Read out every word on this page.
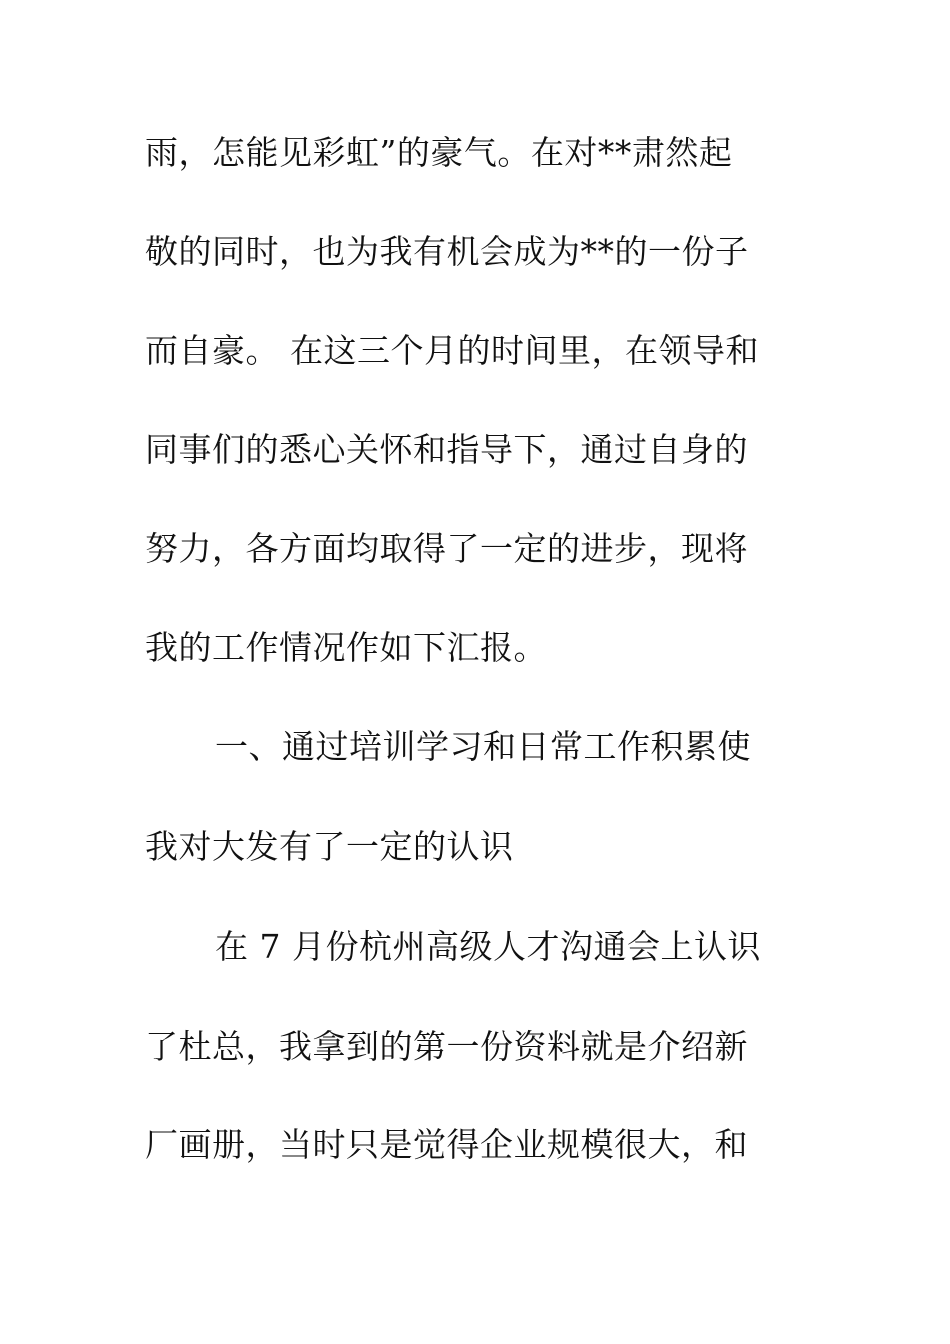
雨，怎能见彩虹”的豪气。在对**肃然起
敬的同时，也为我有机会成为**的一份子
而自豪。 在这三个月的时间里，在领导和
同事们的悉心关怀和指导下，通过自身的
努力，各方面均取得了一定的进步，现将
我的工作情况作如下汇报。
一、通过培训学习和日常工作积累使
我对大发有了一定的认识
在 7 月份杭州高级人才沟通会上认识
了杜总，我拿到的第一份资料就是介绍新
厂画册，当时只是觉得企业规模很大，和
